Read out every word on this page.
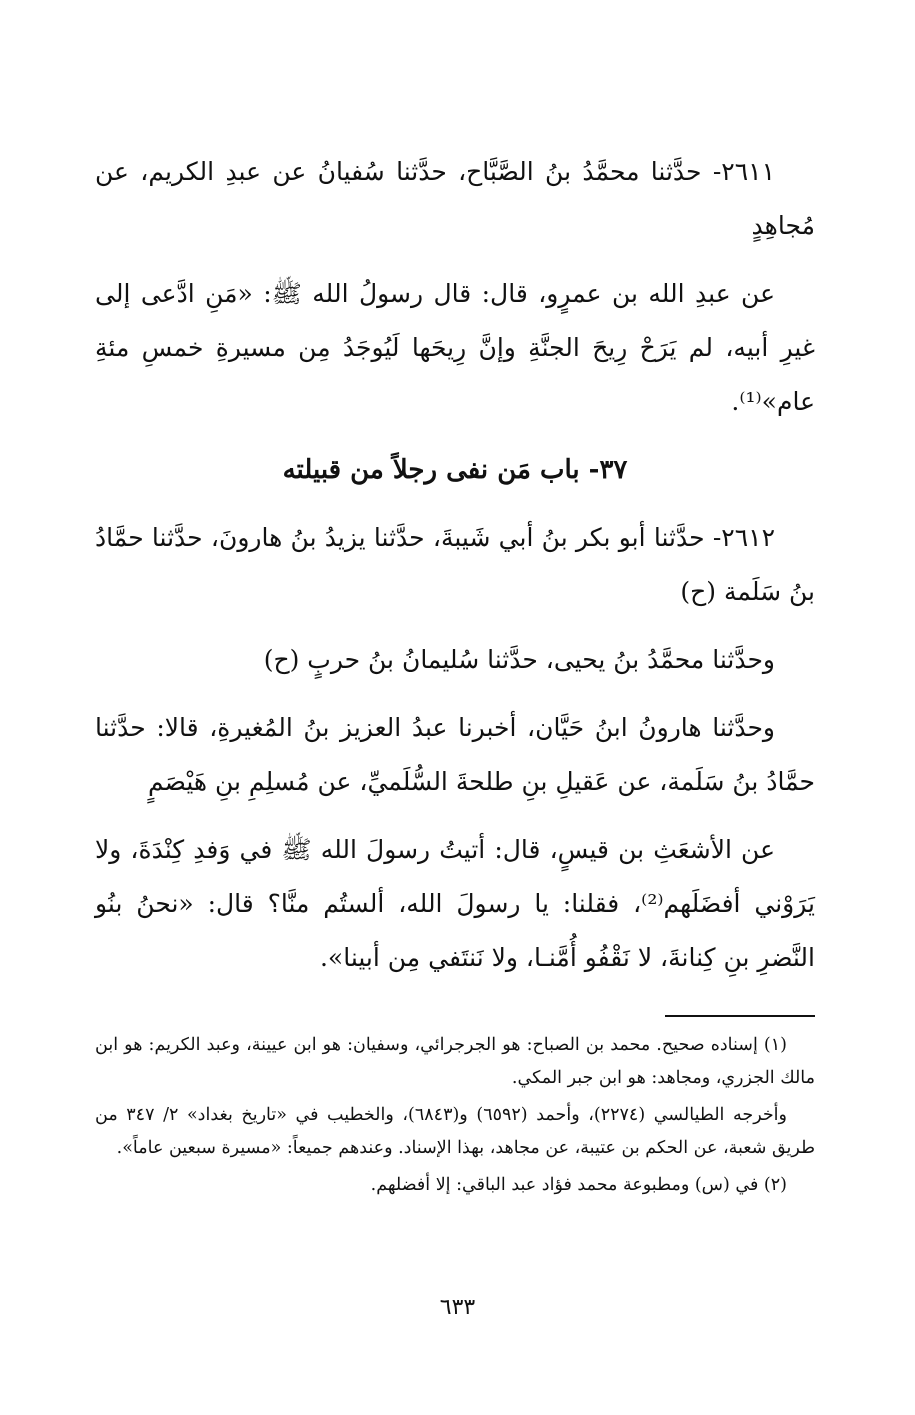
٢٦١١- حدَّثنا محمَّدُ بنُ الصَّبَّاح، حدَّثنا سُفيانُ عن عبدِ الكريم، عن مُجاهِدٍ

عن عبدِ الله بن عمرٍو، قال: قال رسولُ الله ﷺ: «مَنِ ادَّعى إلى غيرِ أبيه، لم يَرَحْ رِيحَ الجنَّةِ وإنَّ رِيحَها لَيُوجَدُ مِن مسيرةِ خمسِ مئةِ عام»⁽¹⁾.

٣٧- باب مَن نفى رجلاً من قبيلته

٢٦١٢- حدَّثنا أبو بكر بنُ أبي شَيبةَ، حدَّثنا يزيدُ بنُ هارونَ، حدَّثنا حمَّادُ بنُ سَلَمة (ح)

وحدَّثنا محمَّدُ بنُ يحيى، حدَّثنا سُليمانُ بنُ حربٍ (ح)

وحدَّثنا هارونُ ابنُ حَيَّان، أخبرنا عبدُ العزيز بنُ المُغيرةِ، قالا: حدَّثنا حمَّادُ بنُ سَلَمة، عن عَقيلِ بنِ طلحةَ السُّلَميِّ، عن مُسلِمِ بنِ هَيْصَمٍ

عن الأشعَثِ بن قيسٍ، قال: أتيتُ رسولَ الله ﷺ في وَفدِ كِنْدَةَ، ولا يَرَوْني أفضَلَهم⁽²⁾، فقلنا: يا رسولَ الله، ألستُم منَّا؟ قال: «نحنُ بنُو النَّضرِ بنِ كِنانةَ، لا نَقْفُو أُمَّنـا، ولا نَنتَفي مِن أبينا».

(١) إسناده صحيح. محمد بن الصباح: هو الجرجرائي، وسفيان: هو ابن عيينة، وعبد الكريم: هو ابن مالك الجزري، ومجاهد: هو ابن جبر المكي.

وأخرجه الطيالسي (٢٢٧٤)، وأحمد (٦٥٩٢) و(٦٨٤٣)، والخطيب في «تاريخ بغداد» ٢/ ٣٤٧ من طريق شعبة، عن الحكم بن عتيبة، عن مجاهد، بهذا الإسناد. وعندهم جميعاً: «مسيرة سبعين عاماً».

(٢) في (س) ومطبوعة محمد فؤاد عبد الباقي: إلا أفضلهم.

٦٣٣
